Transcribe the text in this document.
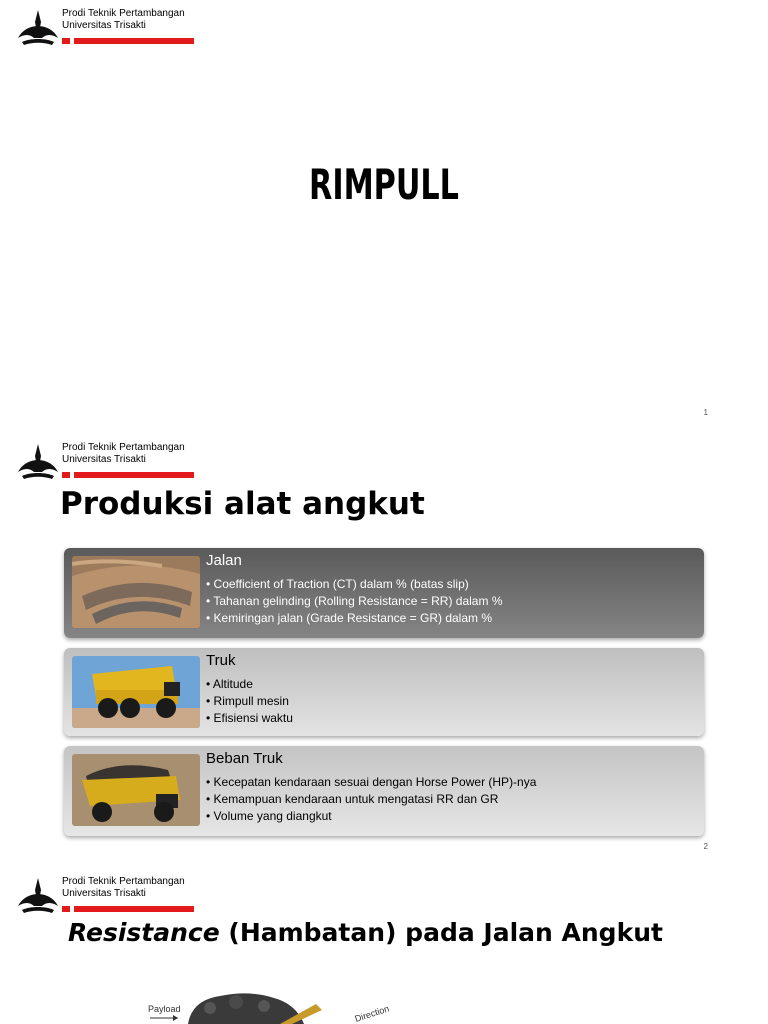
Prodi Teknik Pertambangan
Universitas Trisakti
RIMPULL
1
Prodi Teknik Pertambangan
Universitas Trisakti
Produksi alat angkut
Jalan
• Coefficient of Traction (CT) dalam % (batas slip)
• Tahanan gelinding (Rolling Resistance = RR) dalam %
• Kemiringan jalan (Grade Resistance = GR) dalam %
Truk
• Altitude
• Rimpull mesin
• Efisiensi waktu
Beban Truk
• Kecepatan kendaraan sesuai dengan Horse Power (HP)-nya
• Kemampuan kendaraan untuk mengatasi RR dan GR
• Volume yang diangkut
2
Prodi Teknik Pertambangan
Universitas Trisakti
Resistance (Hambatan) pada Jalan Angkut
Payload	Direction
